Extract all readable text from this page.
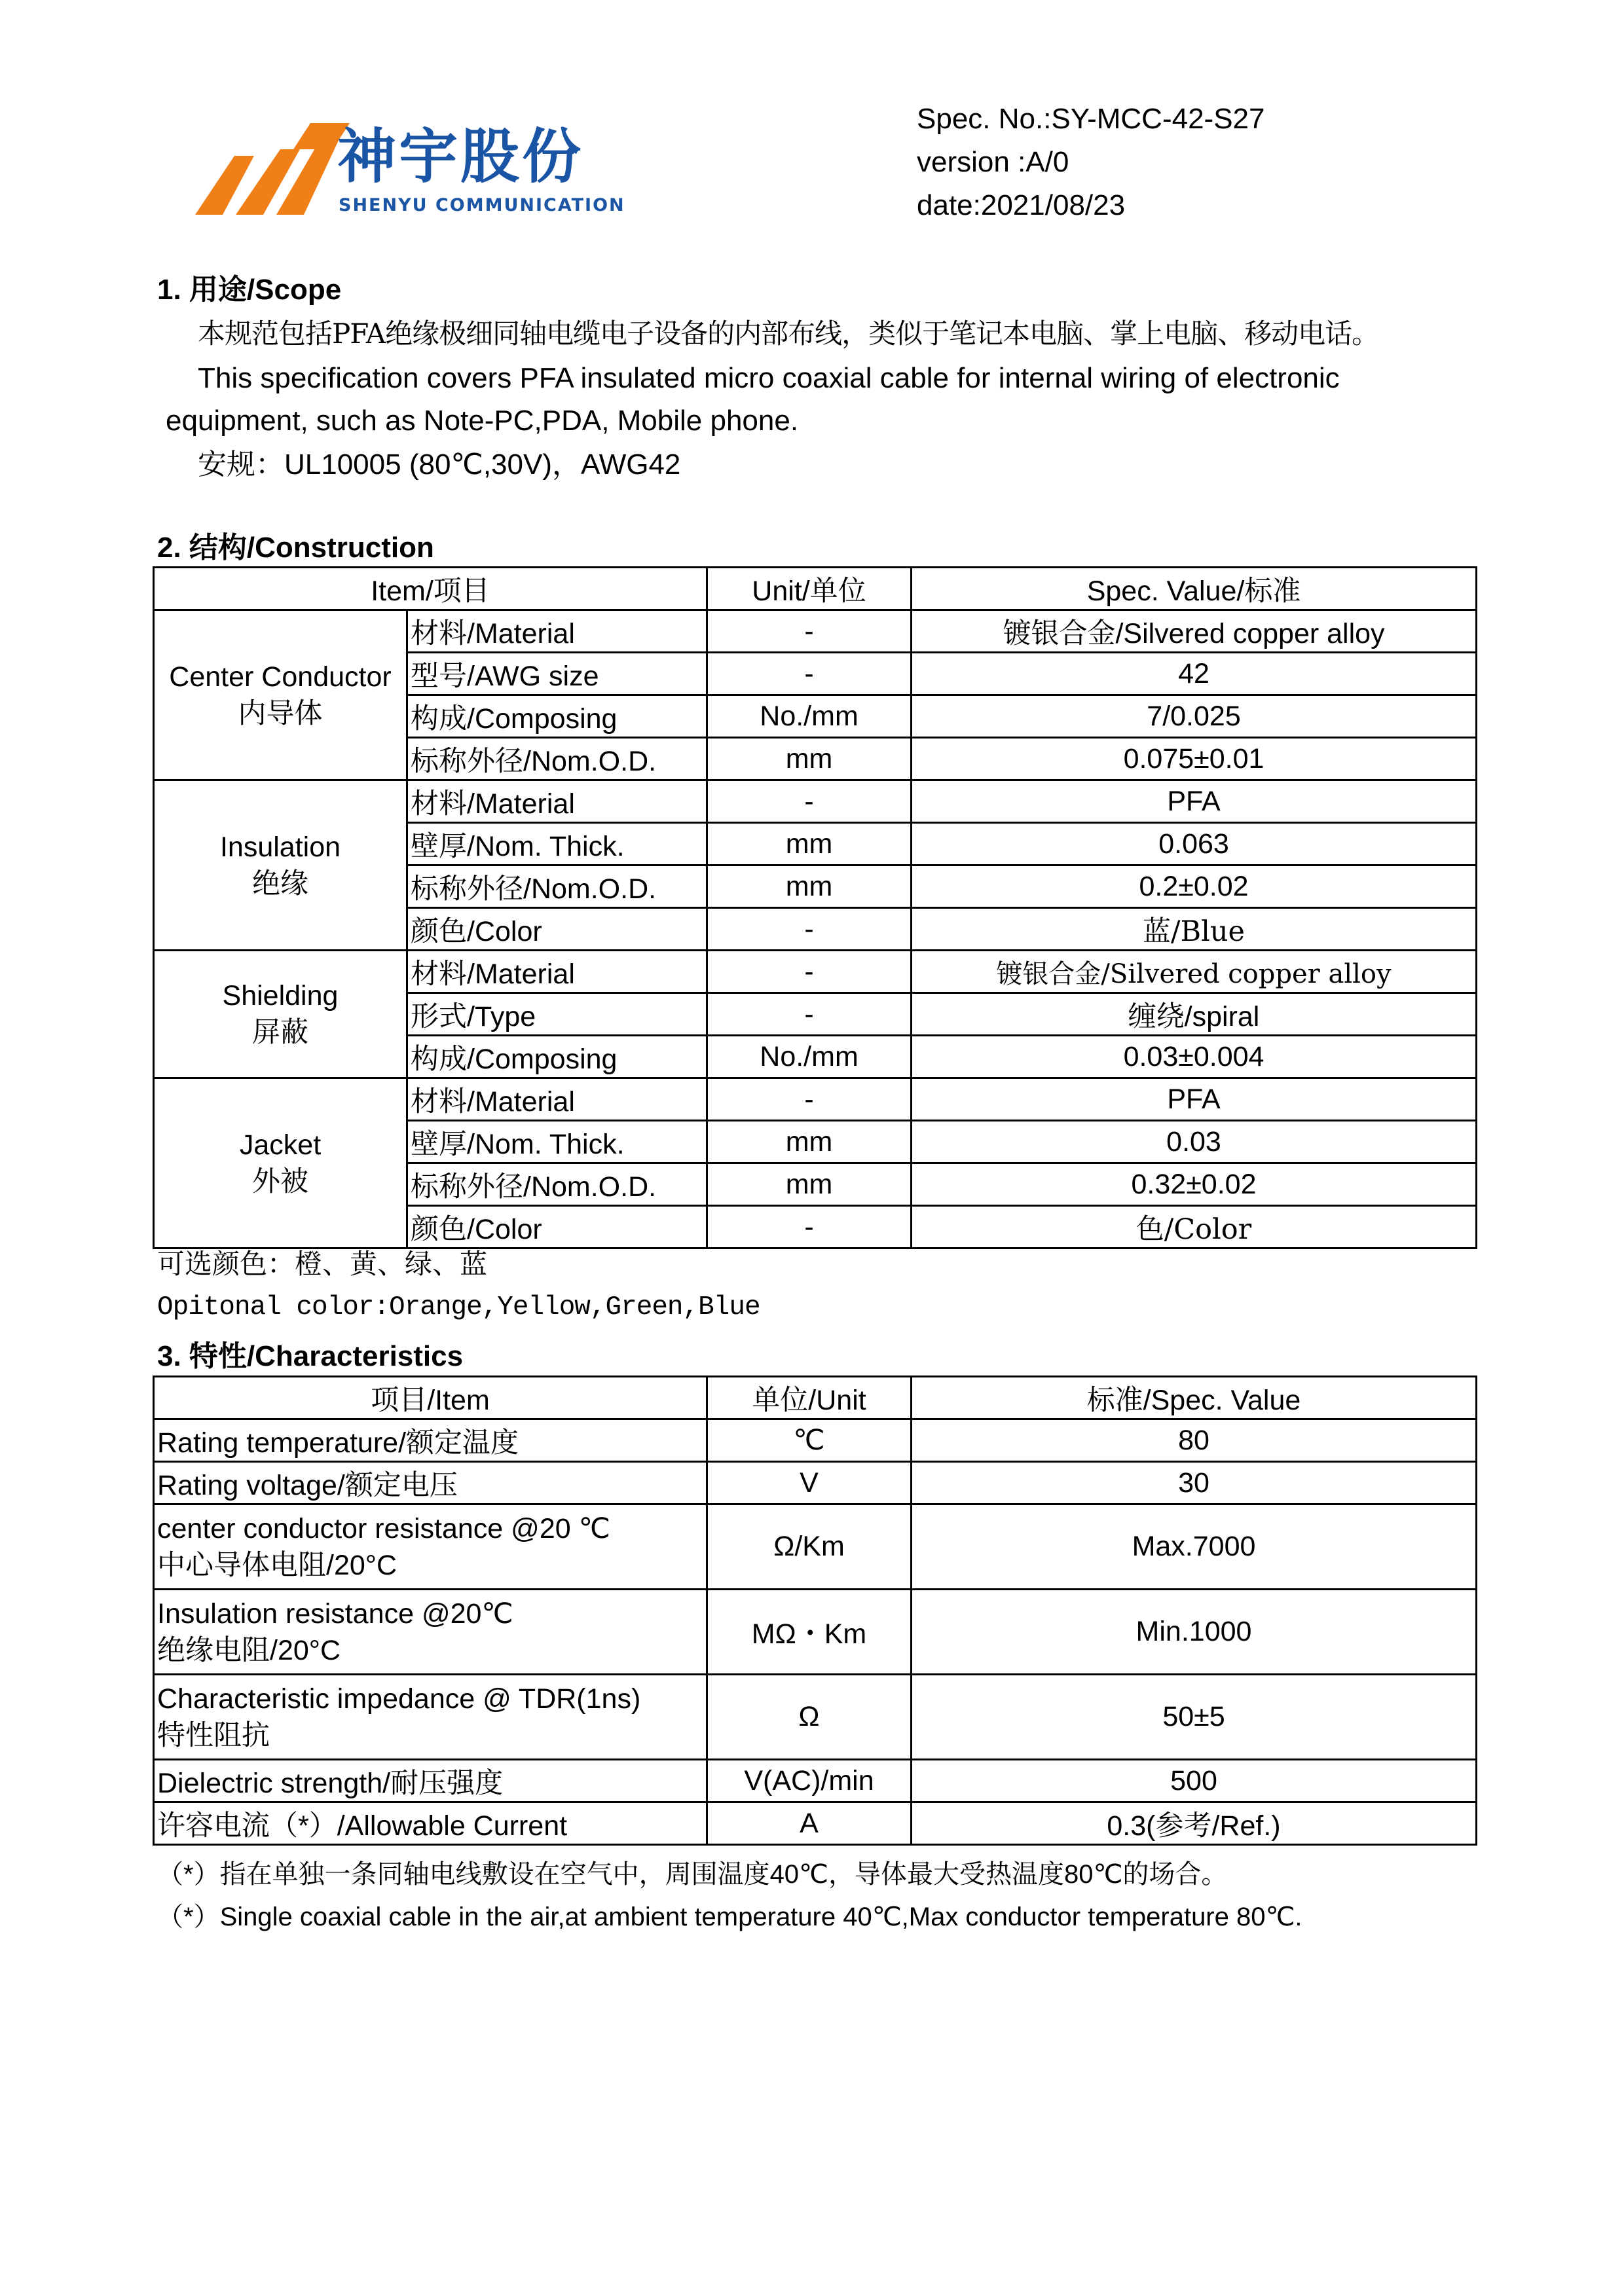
神宇股份
SHENYU COMMUNICATION
Spec. No.:SY-MCC-42-S27
version :A/0
date:2021/08/23
1. 用途/Scope
本规范包括PFA绝缘极细同轴电缆电子设备的内部布线，类似于笔记本电脑、掌上电脑、移动电话。
This specification covers PFA insulated micro coaxial cable for internal wiring of electronic
equipment, such as Note-PC,PDA, Mobile phone.
安规：UL10005 (80℃,30V)，AWG42
2. 结构/Construction
Item/项目		Unit/单位	Spec. Value/标准

Center Conductor
内导体	材料/Material	-	镀银合金/Silvered copper alloy
	型号/AWG size	-	42
	构成/Composing	No./mm	7/0.025
	标称外径/Nom.O.D.	mm	0.075±0.01

Insulation
绝缘	材料/Material	-	PFA
	壁厚/Nom. Thick.	mm	0.063
	标称外径/Nom.O.D.	mm	0.2±0.02
	颜色/Color	-	蓝/Blue

Shielding
屏蔽	材料/Material	-	镀银合金/Silvered copper alloy
	形式/Type	-	缠绕/spiral
	构成/Composing	No./mm	0.03±0.004

Jacket
外被	材料/Material	-	PFA
	壁厚/Nom. Thick.	mm	0.03
	标称外径/Nom.O.D.	mm	0.32±0.02
	颜色/Color	-	色/Color
可选颜色：橙、黄、绿、蓝
Opitonal color:Orange,Yellow,Green,Blue
3. 特性/Characteristics
项目/Item	单位/Unit	标准/Spec. Value
Rating temperature/额定温度	℃	80
Rating voltage/额定电压	V	30

center conductor resistance @20 ℃
中心导体电阻/20°C	Ω/Km	Max.7000

Insulation resistance @20℃
绝缘电阻/20°C	MΩ・Km	Min.1000

Characteristic impedance @ TDR(1ns)
特性阻抗	Ω	50±5
Dielectric strength/耐压强度	V(AC)/min	500
许容电流（*）/Allowable Current	A	0.3(参考/Ref.)
（*）指在单独一条同轴电线敷设在空气中，周围温度40℃，导体最大受热温度80℃的场合。
（*）Single coaxial cable in the air,at ambient temperature 40℃,Max conductor temperature 80℃.
